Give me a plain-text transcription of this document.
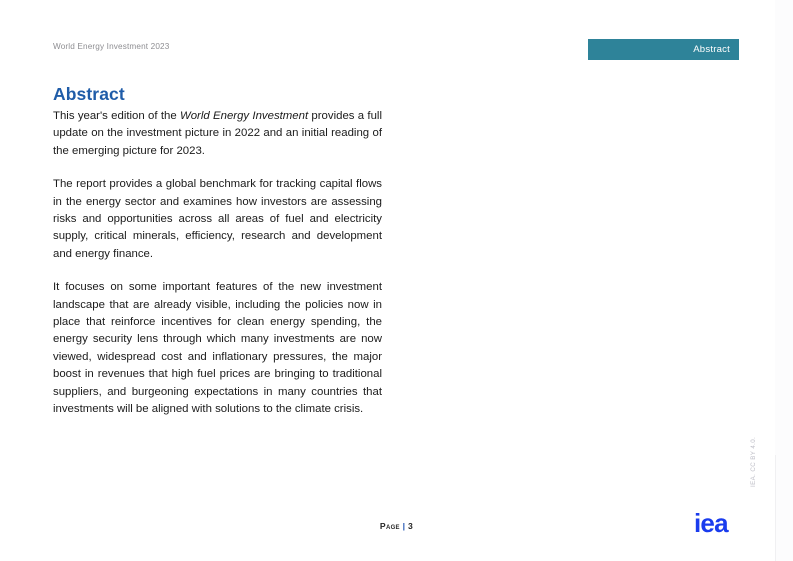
World Energy Investment 2023	Abstract
Abstract

This year's edition of the World Energy Investment provides a full update on the investment picture in 2022 and an initial reading of the emerging picture for 2023.

The report provides a global benchmark for tracking capital flows in the energy sector and examines how investors are assessing risks and opportunities across all areas of fuel and electricity supply, critical minerals, efficiency, research and development and energy finance.

It focuses on some important features of the new investment landscape that are already visible, including the policies now in place that reinforce incentives for clean energy spending, the energy security lens through which many investments are now viewed, widespread cost and inflationary pressures, the major boost in revenues that high fuel prices are bringing to traditional suppliers, and burgeoning expectations in many countries that investments will be aligned with solutions to the climate crisis.

Page | 3	iea
IEA. CC BY 4.0.
